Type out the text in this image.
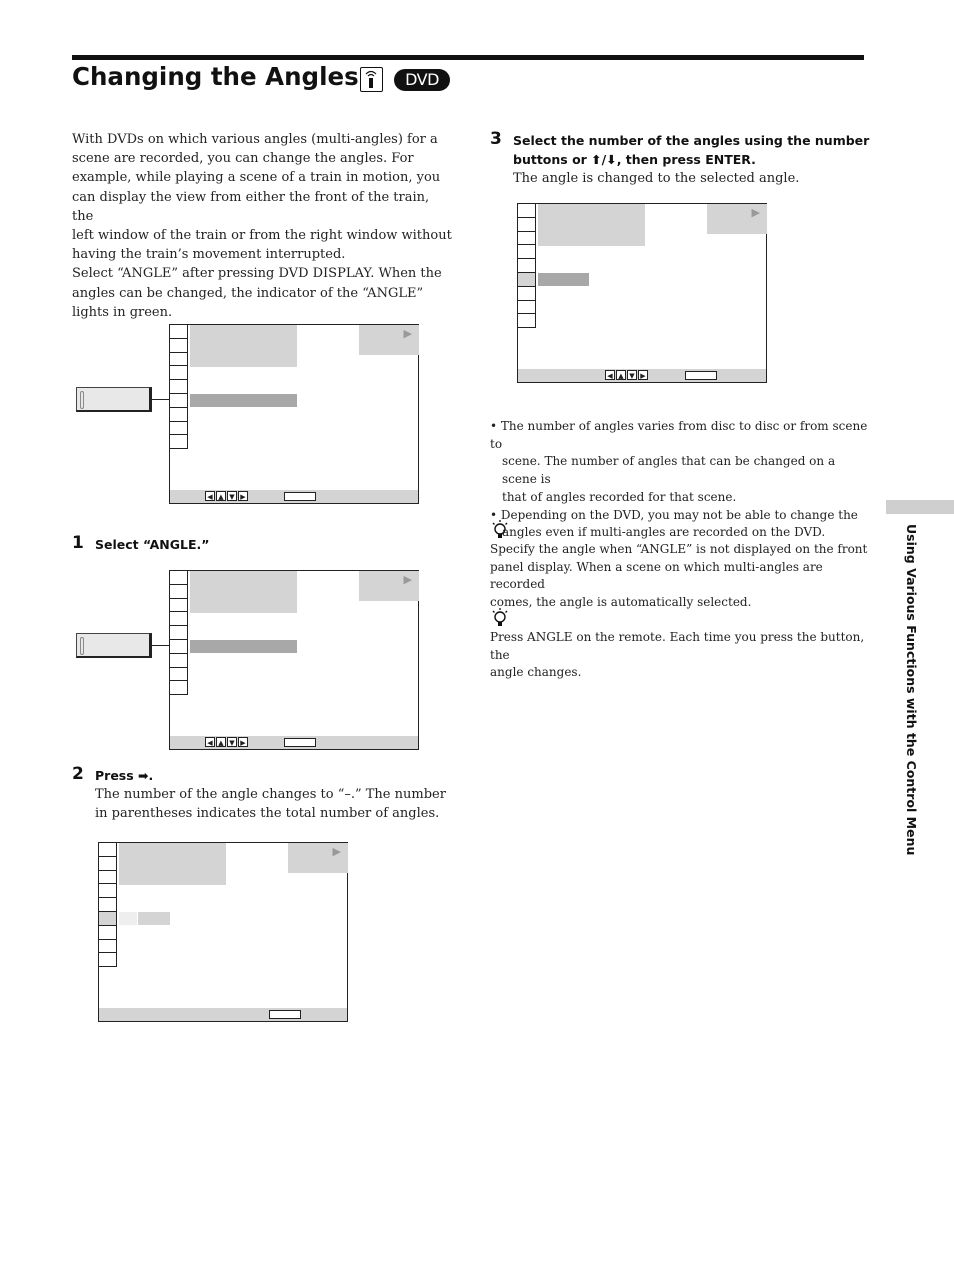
Changing the Angles	DVD
With DVDs on which various angles (multi-angles) for a
scene are recorded, you can change the angles. For
example, while playing a scene of a train in motion, you
can display the view from either the front of the train, the
left window of the train or from the right window without
having the train’s movement interrupted.
Select “ANGLE” after pressing DVD DISPLAY. When the
angles can be changed, the indicator of the “ANGLE”
lights in green.
▶
◀ ▲ ▼ ▶
1 Select “ANGLE.”
▶
◀ ▲ ▼ ▶
2 Press ➡.
The number of the angle changes to “–.” The number
in parentheses indicates the total number of angles.
▶
3 Select the number of the angles using the number
buttons or ⬆/⬇, then press ENTER.
The angle is changed to the selected angle.
▶
◀ ▲ ▼ ▶
• The number of angles varies from disc to disc or from scene to
scene. The number of angles that can be changed on a scene is
that of angles recorded for that scene.
• Depending on the DVD, you may not be able to change the
angles even if multi-angles are recorded on the DVD.
Specify the angle when “ANGLE” is not displayed on the front
panel display. When a scene on which multi-angles are recorded
comes, the angle is automatically selected.
Press ANGLE on the remote. Each time you press the button, the
angle changes.	Using Various Functions with the Control Menu
